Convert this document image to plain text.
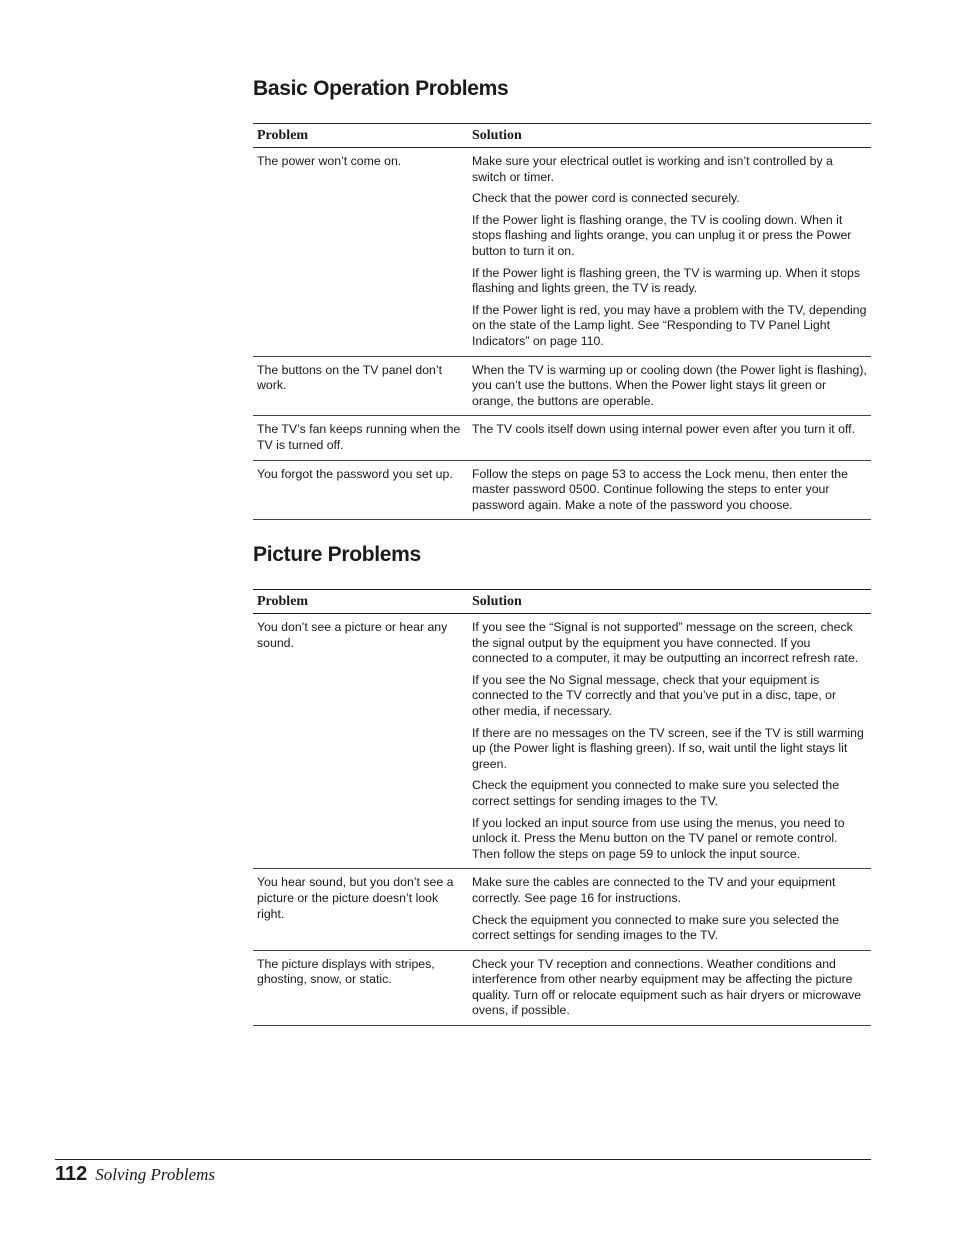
Basic Operation Problems
Problem	Solution
The power won’t come on.	Make sure your electrical outlet is working and isn’t controlled by a switch or timer.

Check that the power cord is connected securely.

If the Power light is flashing orange, the TV is cooling down. When it stops flashing and lights orange, you can unplug it or press the Power button to turn it on.

If the Power light is flashing green, the TV is warming up. When it stops flashing and lights green, the TV is ready.

If the Power light is red, you may have a problem with the TV, depending on the state of the Lamp light. See “Responding to TV Panel Light Indicators” on page 110.

The buttons on the TV panel don’t work.	When the TV is warming up or cooling down (the Power light is flashing), you can’t use the buttons. When the Power light stays lit green or orange, the buttons are operable.

The TV’s fan keeps running when the TV is turned off.	The TV cools itself down using internal power even after you turn it off.

You forgot the password you set up.	Follow the steps on page 53 to access the Lock menu, then enter the master password 0500. Continue following the steps to enter your password again. Make a note of the password you choose.

Picture Problems
Problem	Solution
You don’t see a picture or hear any sound.	If you see the “Signal is not supported” message on the screen, check the signal output by the equipment you have connected. If you connected to a computer, it may be outputting an incorrect refresh rate.

If you see the No Signal message, check that your equipment is connected to the TV correctly and that you’ve put in a disc, tape, or other media, if necessary.

If there are no messages on the TV screen, see if the TV is still warming up (the Power light is flashing green). If so, wait until the light stays lit green.

Check the equipment you connected to make sure you selected the correct settings for sending images to the TV.

If you locked an input source from use using the menus, you need to unlock it. Press the Menu button on the TV panel or remote control. Then follow the steps on page 59 to unlock the input source.

You hear sound, but you don’t see a picture or the picture doesn’t look right.	Make sure the cables are connected to the TV and your equipment correctly. See page 16 for instructions.

Check the equipment you connected to make sure you selected the correct settings for sending images to the TV.

The picture displays with stripes, ghosting, snow, or static.	Check your TV reception and connections. Weather conditions and interference from other nearby equipment may be affecting the picture quality. Turn off or relocate equipment such as hair dryers or microwave ovens, if possible.

112 Solving Problems
